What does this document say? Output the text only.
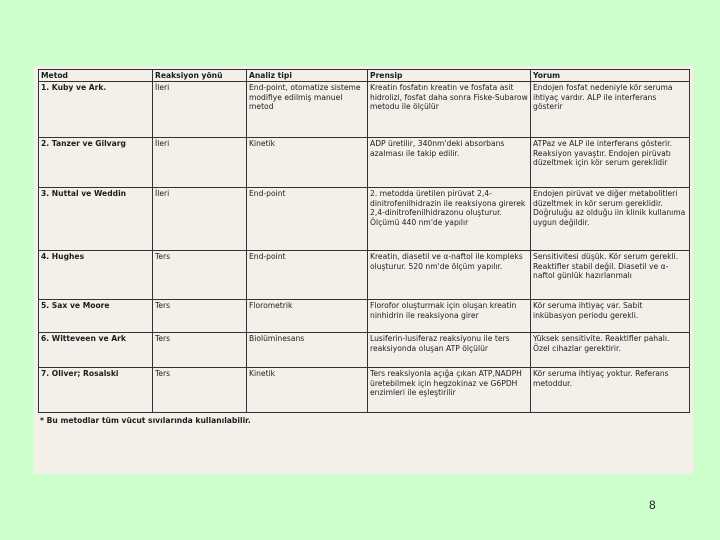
Metod	Reaksiyon yönü	Analiz tipi	Prensip	Yorum
1. Kuby ve Ark.	İleri	End-point, otomatize sisteme modifiye edilmiş manuel metod	Kreatin fosfatın kreatin ve fosfata asit hidrolizi, fosfat daha sonra Fiske-Subarow metodu ile ölçülür	Endojen fosfat nedeniyle kör seruma ihtiyaç vardır. ALP ile interferans gösterir
2. Tanzer ve Gilvarg	İleri	Kinetik	ADP üretilir, 340nm'deki absorbans azalması ile takip edilir.	ATPaz ve ALP ile interferans gösterir. Reaksiyon yavaştır. Endojen pirüvatı düzeltmek için kör serum gereklidir
3. Nuttal ve Weddin	İleri	End-point	2. metodda üretilen pirüvat 2,4-dinitrofenilhidrazin ile reaksiyona girerek 2,4-dinitrofenilhidrazonu oluşturur. Ölçümü 440 nm'de yapılır	Endojen pirüvat ve diğer metabolitleri düzeltmek in kör serum gereklidir. Doğruluğu az olduğu iin klinik kullanıma uygun değildir.
4. Hughes	Ters	End-point	Kreatin, diasetil ve α-naftol ile kompleks oluşturur. 520 nm'de ölçüm yapılır.	Sensitivitesi düşük. Kör serum gerekli. Reaktifler stabil değil. Diasetil ve α-naftol günlük hazırlanmalı
5. Sax ve Moore	Ters	Florometrik	Florofor oluşturmak için oluşan kreatin ninhidrin ile reaksiyona girer	Kör seruma ihtiyaç var. Sabit inkübasyon periodu gerekli.
6. Witteveen ve Ark	Ters	Biolüminesans	Lusiferin-lusiferaz reaksiyonu ile ters reaksiyonda oluşan ATP ölçülür	Yüksek sensitivite. Reaktifler pahalı. Özel cihazlar gerektirir.
7. Oliver; Rosalski	Ters	Kinetik	Ters reaksiyonla açığa çıkan ATP,NADPH üretebilmek için hegzokinaz ve G6PDH enzimleri ile eşleştirilir	Kör seruma ihtiyaç yoktur. Referans metoddur.
* Bu metodlar tüm vücut sıvılarında kullanılabilir.
8
